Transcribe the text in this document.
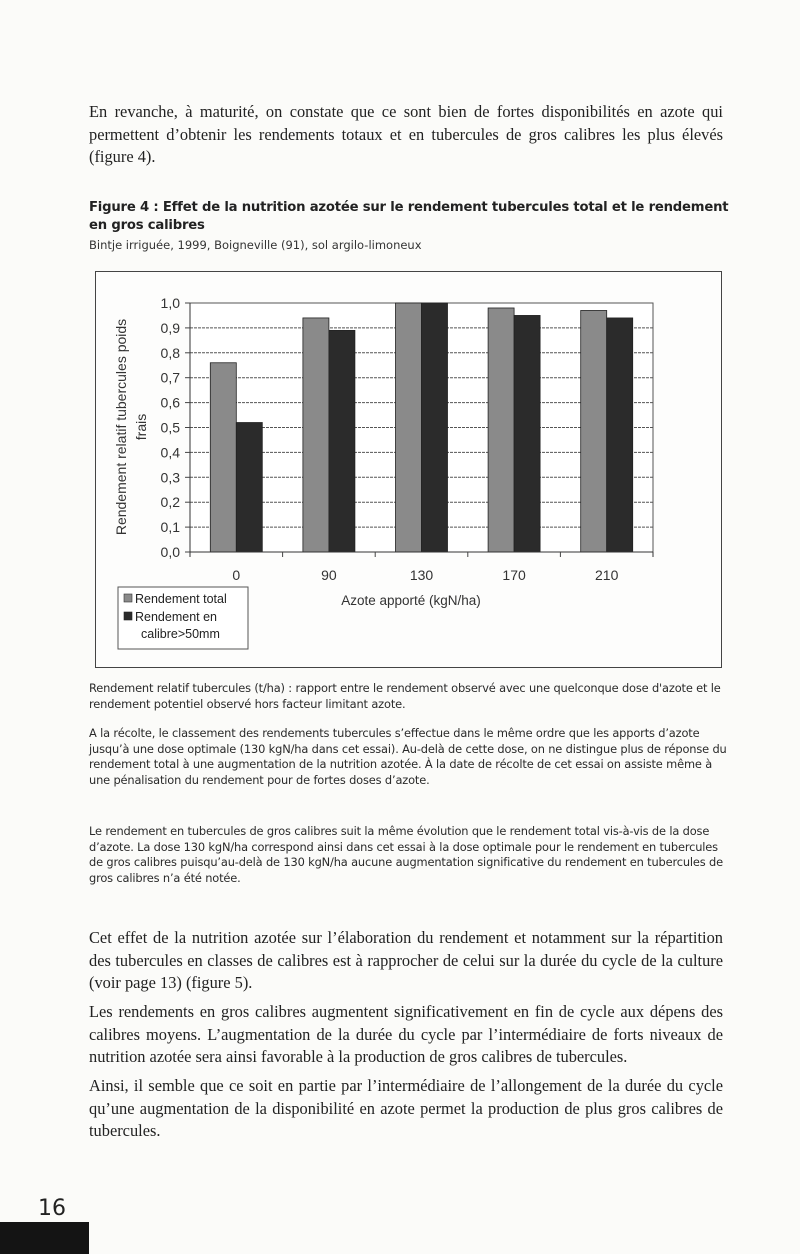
En revanche, à maturité, on constate que ce sont bien de fortes disponibilités en azote qui permettent d’obtenir les rendements totaux et en tubercules de gros calibres les plus élevés (figure 4).

Figure 4 : Effet de la nutrition azotée sur le rendement tubercules total et le rendement en gros calibres
Bintje irriguée, 1999, Boigneville (91), sol argilo-limoneux
Rendement relatif tubercules poids frais
0	90	130	170	210
0,0
0,1
0,2
0,3
0,4
0,5
0,6
0,7
0,8
0,9
1,0
Azote apporté (kgN/ha)
Rendement total
Rendement en
calibre>50mm
Rendement relatif tubercules (t/ha) : rapport entre le rendement observé avec une quelconque dose d'azote et le rendement potentiel observé hors facteur limitant azote.
A la récolte, le classement des rendements tubercules s’effectue dans le même ordre que les apports d’azote jusqu’à une dose optimale (130 kgN/ha dans cet essai). Au-delà de cette dose, on ne distingue plus de réponse du rendement total à une augmentation de la nutrition azotée. À la date de récolte de cet essai on assiste même à une pénalisation du rendement pour de fortes doses d’azote.
Le rendement en tubercules de gros calibres suit la même évolution que le rendement total vis-à-vis de la dose d’azote. La dose 130 kgN/ha correspond ainsi dans cet essai à la dose optimale pour le rendement en tubercules de gros calibres puisqu’au-delà de 130 kgN/ha aucune augmentation significative du rendement en tubercules de gros calibres n’a été notée.

Cet effet de la nutrition azotée sur l’élaboration du rendement et notamment sur la répartition des tubercules en classes de calibres est à rapprocher de celui sur la durée du cycle de la culture (voir page 13) (figure 5).

Les rendements en gros calibres augmentent significativement en fin de cycle aux dépens des calibres moyens. L’augmentation de la durée du cycle par l’intermédiaire de forts niveaux de nutrition azotée sera ainsi favorable à la production de gros calibres de tubercules.

Ainsi, il semble que ce soit en partie par l’intermédiaire de l’allongement de la durée du cycle qu’une augmentation de la disponibilité en azote permet la production de plus gros calibres de tubercules.

16
